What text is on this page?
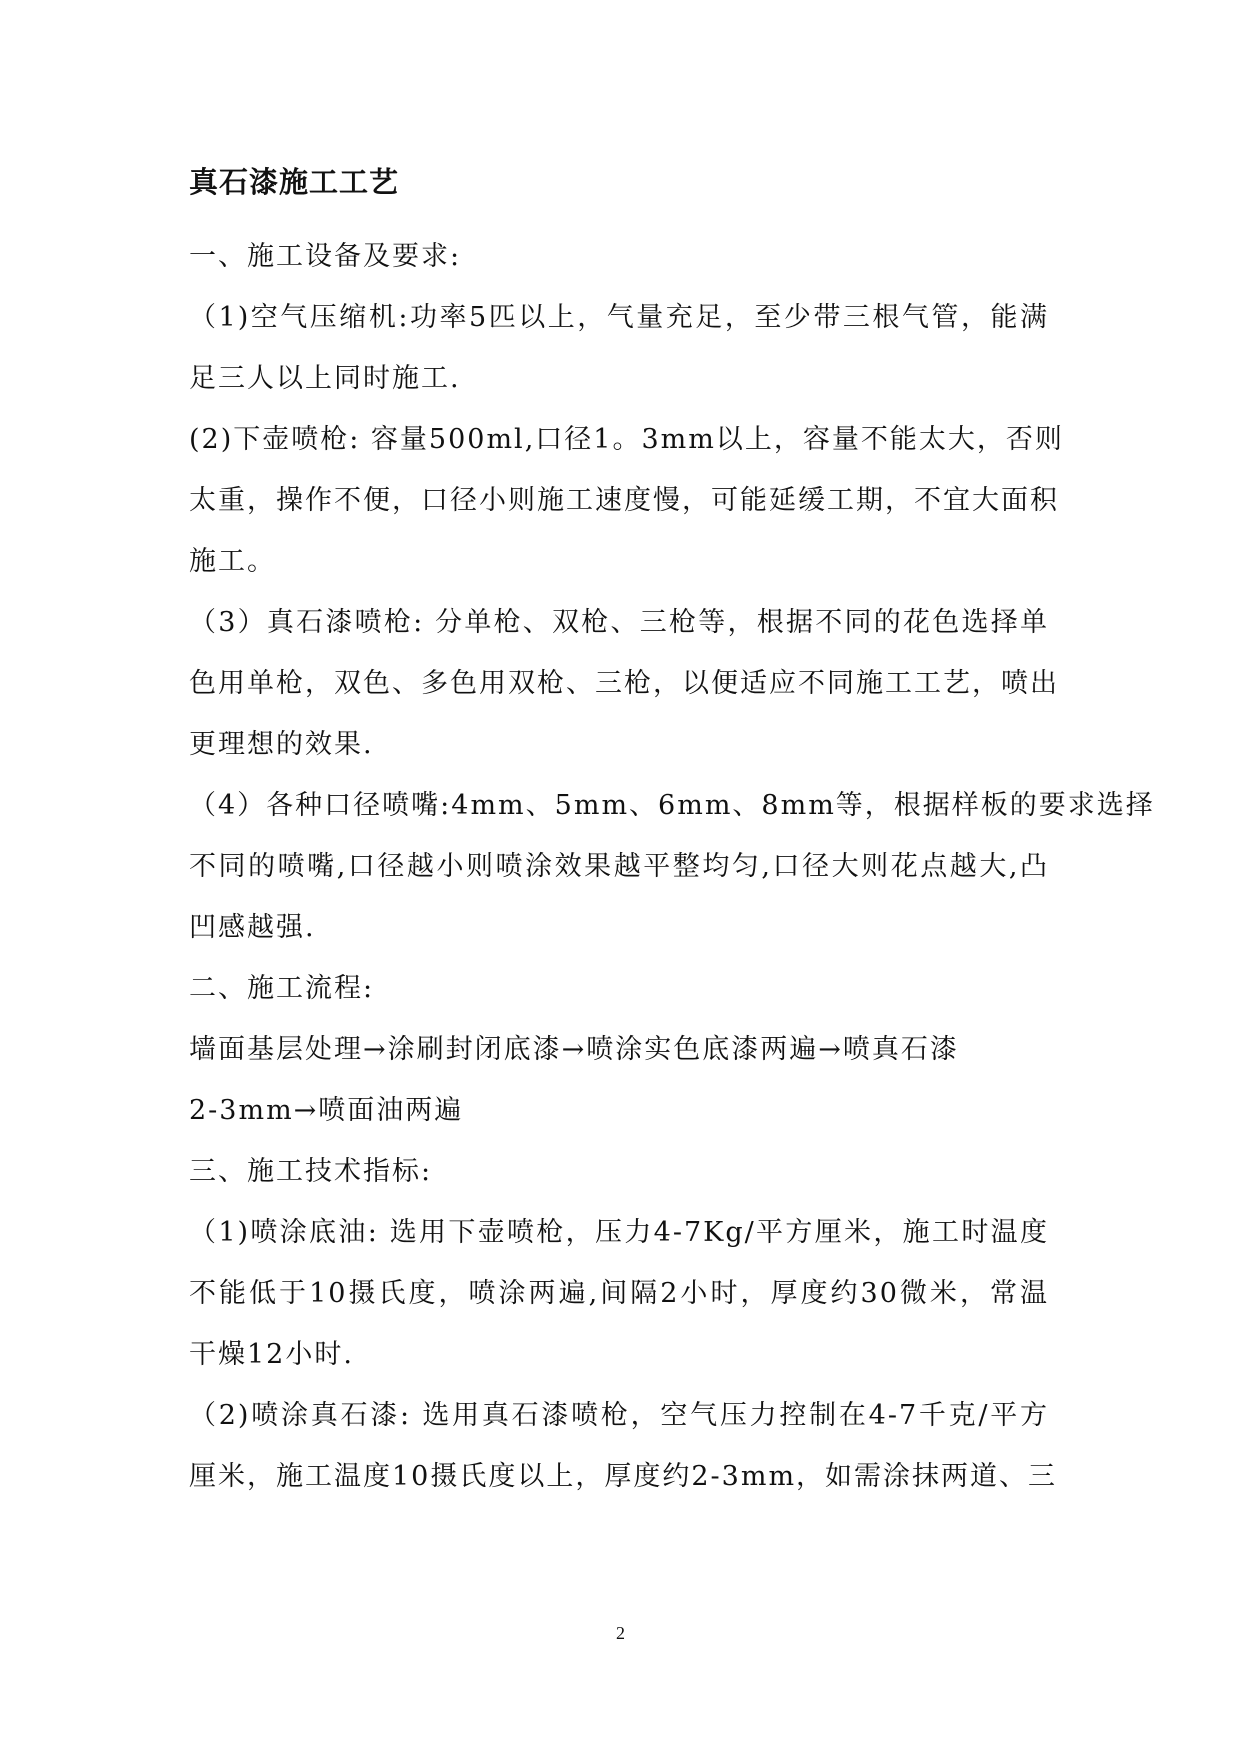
真石漆施工工艺
一、施工设备及要求:
（1)空气压缩机:功率5匹以上，气量充足，至少带三根气管，能满
足三人以上同时施工.
(2)下壶喷枪: 容量500ml,口径1。3mm以上，容量不能太大，否则
太重，操作不便，口径小则施工速度慢，可能延缓工期，不宜大面积
施工。
（3）真石漆喷枪: 分单枪、双枪、三枪等，根据不同的花色选择单
色用单枪，双色、多色用双枪、三枪，以便适应不同施工工艺，喷出
更理想的效果.
（4）各种口径喷嘴:4mm、5mm、6mm、8mm等，根据样板的要求选择
不同的喷嘴,口径越小则喷涂效果越平整均匀,口径大则花点越大,凸
凹感越强.
二、施工流程:
墙面基层处理→涂刷封闭底漆→喷涂实色底漆两遍→喷真石漆
2-3mm→喷面油两遍
三、施工技术指标:
（1)喷涂底油: 选用下壶喷枪，压力4-7Kg/平方厘米，施工时温度
不能低于10摄氏度，喷涂两遍,间隔2小时，厚度约30微米，常温
干燥12小时.
（2)喷涂真石漆: 选用真石漆喷枪，空气压力控制在4-7千克/平方
厘米，施工温度10摄氏度以上，厚度约2-3mm，如需涂抹两道、三
2
